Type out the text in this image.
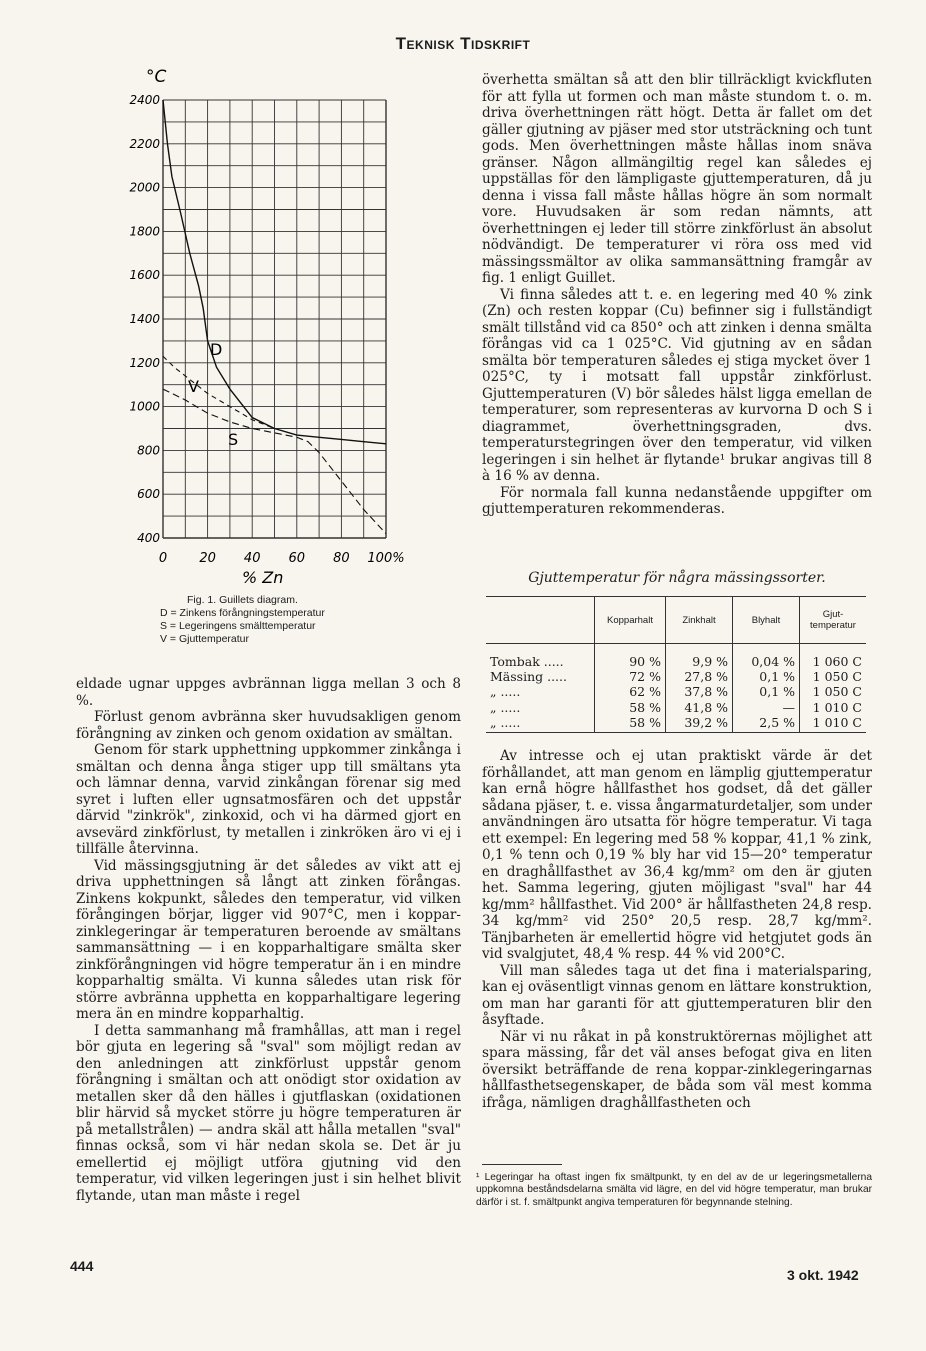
Teknisk Tidskrift
°C
2400
2200
2000
1800
1600
1400
1200
1000
800
600
400
0 20 40 60 80 100%
D
V
S
% Zn
Fig. 1. Guillets diagram.
D = Zinkens förångningstemperatur
S = Legeringens smälttemperatur
V = Gjuttemperatur

eldade ugnar uppges avbrännan ligga mellan 3 och 8 %.

Förlust genom avbränna sker huvudsakligen genom förångning av zinken och genom oxidation av smältan.

Genom för stark upphettning uppkommer zinkånga i smältan och denna ånga stiger upp till smältans yta och lämnar denna, varvid zinkångan förenar sig med syret i luften eller ugnsatmosfären och det uppstår därvid "zinkrök", zinkoxid, och vi ha därmed gjort en avsevärd zinkförlust, ty metallen i zinkröken äro vi ej i tillfälle återvinna.

Vid mässingsgjutning är det således av vikt att ej driva upphettningen så långt att zinken förångas. Zinkens kokpunkt, således den temperatur, vid vilken förångingen börjar, ligger vid 907°C, men i koppar-zinklegeringar är temperaturen beroende av smältans sammansättning — i en kopparhaltigare smälta sker zinkförångningen vid högre temperatur än i en mindre kopparhaltig smälta. Vi kunna således utan risk för större avbränna upphetta en kopparhaltigare legering mera än en mindre kopparhaltig.

I detta sammanhang må framhållas, att man i regel bör gjuta en legering så "sval" som möjligt redan av den anledningen att zinkförlust uppstår genom förångning i smältan och att onödigt stor oxidation av metallen sker då den hälles i gjutflaskan (oxidationen blir härvid så mycket större ju högre temperaturen är på metallstrålen) — andra skäl att hålla metallen "sval" finnas också, som vi här nedan skola se. Det är ju emellertid ej möjligt utföra gjutning vid den temperatur, vid vilken legeringen just i sin helhet blivit flytande, utan man måste i regel

överhetta smältan så att den blir tillräckligt kvickfluten för att fylla ut formen och man måste stundom t. o. m. driva överhettningen rätt högt. Detta är fallet om det gäller gjutning av pjäser med stor utsträckning och tunt gods. Men överhettningen måste hållas inom snäva gränser. Någon allmängiltig regel kan således ej uppställas för den lämpligaste gjuttemperaturen, då ju denna i vissa fall måste hållas högre än som normalt vore. Huvudsaken är som redan nämnts, att överhettningen ej leder till större zinkförlust än absolut nödvändigt. De temperaturer vi röra oss med vid mässingssmältor av olika sammansättning framgår av fig. 1 enligt Guillet.

Vi finna således att t. e. en legering med 40 % zink (Zn) och resten koppar (Cu) befinner sig i fullständigt smält tillstånd vid ca 850° och att zinken i denna smälta förångas vid ca 1 025°C. Vid gjutning av en sådan smälta bör temperaturen således ej stiga mycket över 1 025°C, ty i motsatt fall uppstår zinkförlust. Gjuttemperaturen (V) bör således hälst ligga emellan de temperaturer, som representeras av kurvorna D och S i diagrammet, överhettningsgraden, dvs. temperaturstegringen över den temperatur, vid vilken legeringen i sin helhet är flytande¹ brukar angivas till 8 à 16 % av denna.

För normala fall kunna nedanstående uppgifter om gjuttemperaturen rekommenderas.

Gjuttemperatur för några mässingssorter.
	Kopparhalt	Zinkhalt	Blyhalt	Gjut-temperatur
Tombak .....	90 %	9,9 %	0,04 %	1 060 C
Mässing .....	72 %	27,8 %	0,1 %	1 050 C
„ .....	62 %	37,8 %	0,1 %	1 050 C
„ .....	58 %	41,8 %	—	1 010 C
„ .....	58 %	39,2 %	2,5 %	1 010 C

Av intresse och ej utan praktiskt värde är det förhållandet, att man genom en lämplig gjuttemperatur kan ernå högre hållfasthet hos godset, då det gäller sådana pjäser, t. e. vissa ångarmaturdetaljer, som under användningen äro utsatta för högre temperatur. Vi taga ett exempel: En legering med 58 % koppar, 41,1 % zink, 0,1 % tenn och 0,19 % bly har vid 15—20° temperatur en draghållfasthet av 36,4 kg/mm² om den är gjuten het. Samma legering, gjuten möjligast "sval" har 44 kg/mm² hållfasthet. Vid 200° är hållfastheten 24,8 resp. 34 kg/mm² vid 250° 20,5 resp. 28,7 kg/mm². Tänjbarheten är emellertid högre vid hetgjutet gods än vid svalgjutet, 48,4 % resp. 44 % vid 200°C.

Vill man således taga ut det fina i materialsparing, kan ej oväsentligt vinnas genom en lättare konstruktion, om man har garanti för att gjuttemperaturen blir den åsyftade.

När vi nu råkat in på konstruktörernas möjlighet att spara mässing, får det väl anses befogat giva en liten översikt beträffande de rena koppar-zinklegeringarnas hållfasthetsegenskaper, de båda som väl mest komma ifråga, nämligen draghållfastheten och

¹ Legeringar ha oftast ingen fix smältpunkt, ty en del av de ur legeringsmetallerna uppkomna beståndsdelarna smälta vid lägre, en del vid högre temperatur, man brukar därför i st. f. smältpunkt angiva temperaturen för begynnande stelning.
444
3 okt. 1942
